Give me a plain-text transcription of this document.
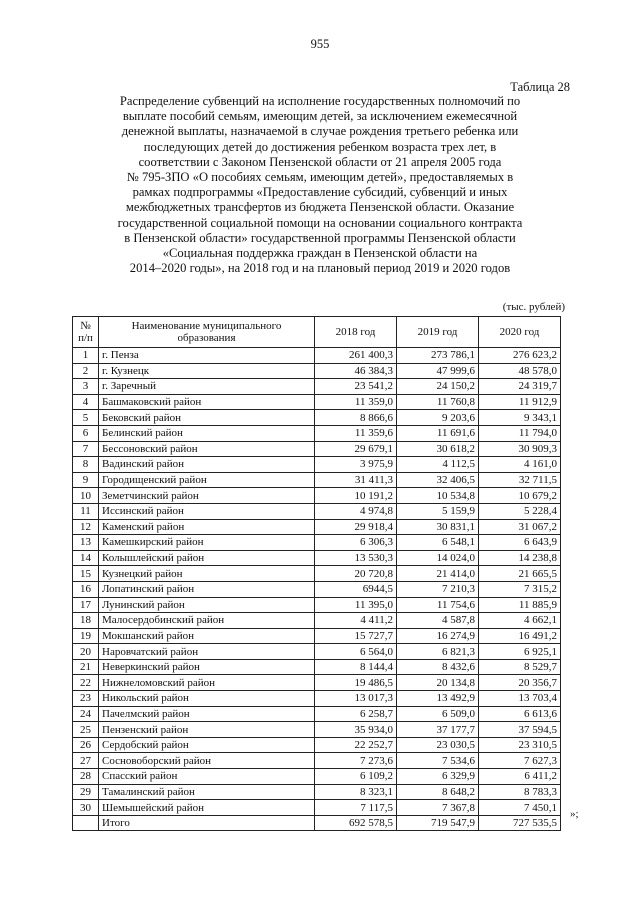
955
Таблица 28
Распределение субвенций на исполнение государственных полномочий по
выплате пособий семьям, имеющим детей, за исключением ежемесячной
денежной выплаты, назначаемой в случае рождения третьего ребенка или
последующих детей до достижения ребенком возраста трех лет, в
соответствии с Законом Пензенской области от 21 апреля 2005 года
№ 795-ЗПО «О пособиях семьям, имеющим детей», предоставляемых в
рамках подпрограммы «Предоставление субсидий, субвенций и иных
межбюджетных трансфертов из бюджета Пензенской области. Оказание
государственной социальной помощи на основании социального контракта
в Пензенской области» государственной программы Пензенской области
«Социальная поддержка граждан в Пензенской области на
2014–2020 годы», на 2018 год и на плановый период 2019 и 2020 годов
(тыс. рублей)
№ п/п	Наименование муниципального образования	2018 год	2019 год	2020 год
1	г. Пенза	261 400,3	273 786,1	276 623,2
2	г. Кузнецк	46 384,3	47 999,6	48 578,0
3	г. Заречный	23 541,2	24 150,2	24 319,7
4	Башмаковский район	11 359,0	11 760,8	11 912,9
5	Бековский район	8 866,6	9 203,6	9 343,1
6	Белинский район	11 359,6	11 691,6	11 794,0
7	Бессоновский район	29 679,1	30 618,2	30 909,3
8	Вадинский район	3 975,9	4 112,5	4 161,0
9	Городищенский район	31 411,3	32 406,5	32 711,5
10	Земетчинский район	10 191,2	10 534,8	10 679,2
11	Иссинский район	4 974,8	5 159,9	5 228,4
12	Каменский район	29 918,4	30 831,1	31 067,2
13	Камешкирский район	6 306,3	6 548,1	6 643,9
14	Колышлейский район	13 530,3	14 024,0	14 238,8
15	Кузнецкий район	20 720,8	21 414,0	21 665,5
16	Лопатинский район	6944,5	7 210,3	7 315,2
17	Лунинский район	11 395,0	11 754,6	11 885,9
18	Малосердобинский район	4 411,2	4 587,8	4 662,1
19	Мокшанский район	15 727,7	16 274,9	16 491,2
20	Наровчатский район	6 564,0	6 821,3	6 925,1
21	Неверкинский район	8 144,4	8 432,6	8 529,7
22	Нижнеломовский район	19 486,5	20 134,8	20 356,7
23	Никольский район	13 017,3	13 492,9	13 703,4
24	Пачелмский район	6 258,7	6 509,0	6 613,6
25	Пензенский район	35 934,0	37 177,7	37 594,5
26	Сердобский район	22 252,7	23 030,5	23 310,5
27	Сосновоборский район	7 273,6	7 534,6	7 627,3
28	Спасский район	6 109,2	6 329,9	6 411,2
29	Тамалинский район	8 323,1	8 648,2	8 783,3
30	Шемышейский район	7 117,5	7 367,8	7 450,1
	Итого	692 578,5	719 547,9	727 535,5
»;
